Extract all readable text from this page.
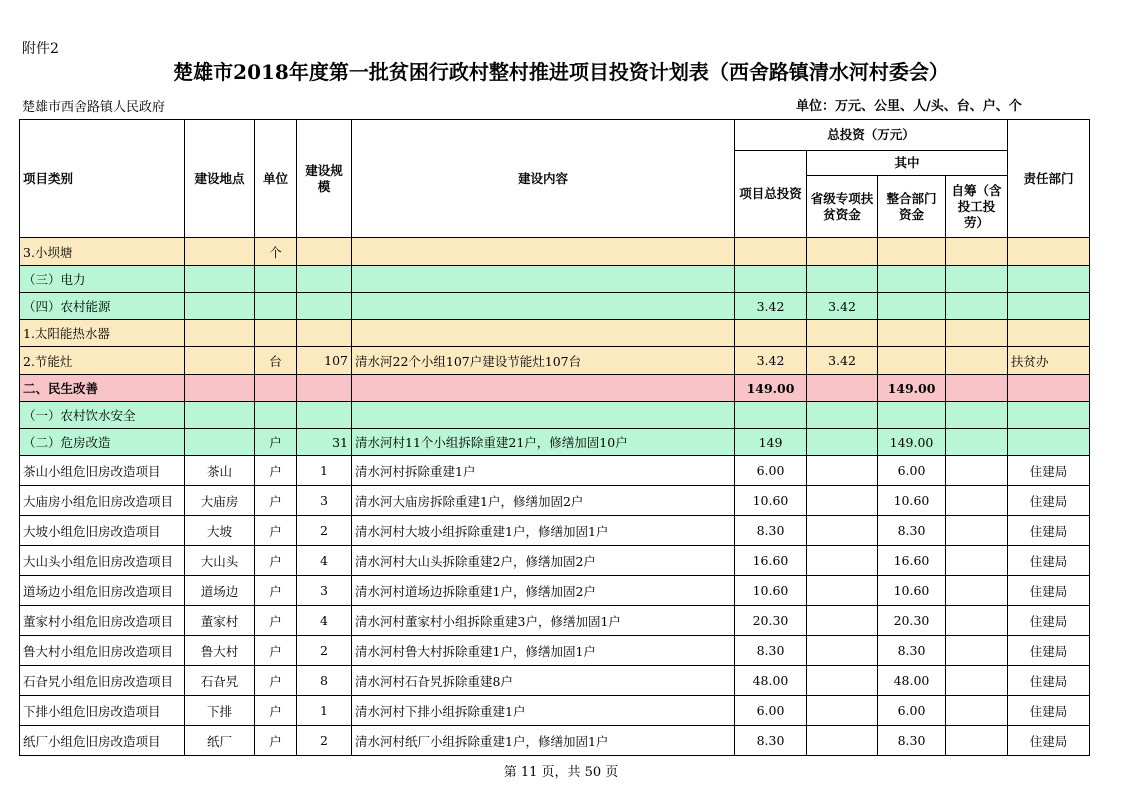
附件2
楚雄市2018年度第一批贫困行政村整村推进项目投资计划表（西舍路镇清水河村委会）
楚雄市西舍路镇人民政府	单位：万元、公里、人/头、台、户、个
项目类别	建设地点	单位	建设规模	建设内容	总投资（万元）				责任部门
					项目总投资	其中			
						省级专项扶贫资金	整合部门资金	自筹（含投工投劳）	
3.小坝塘		个							
（三）电力									
（四）农村能源					3.42	3.42			
1.太阳能热水器									
2.节能灶		台	107	清水河22个小组107户建设节能灶107台	3.42	3.42			扶贫办
二、民生改善					149.00		149.00		
（一）农村饮水安全									
（二）危房改造		户	31	清水河村11个小组拆除重建21户，修缮加固10户	149		149.00		
茶山小组危旧房改造项目	茶山	户	1	清水河村拆除重建1户	6.00		6.00		住建局
大庙房小组危旧房改造项目	大庙房	户	3	清水河大庙房拆除重建1户，修缮加固2户	10.60		10.60		住建局
大坡小组危旧房改造项目	大坡	户	2	清水河村大坡小组拆除重建1户，修缮加固1户	8.30		8.30		住建局
大山头小组危旧房改造项目	大山头	户	4	清水河村大山头拆除重建2户，修缮加固2户	16.60		16.60		住建局
道场边小组危旧房改造项目	道场边	户	3	清水河村道场边拆除重建1户，修缮加固2户	10.60		10.60		住建局
董家村小组危旧房改造项目	董家村	户	4	清水河村董家村小组拆除重建3户，修缮加固1户	20.30		20.30		住建局
鲁大村小组危旧房改造项目	鲁大村	户	2	清水河村鲁大村拆除重建1户，修缮加固1户	8.30		8.30		住建局
石旮旯小组危旧房改造项目	石旮旯	户	8	清水河村石旮旯拆除重建8户	48.00		48.00		住建局
下排小组危旧房改造项目	下排	户	1	清水河村下排小组拆除重建1户	6.00		6.00		住建局
纸厂小组危旧房改造项目	纸厂	户	2	清水河村纸厂小组拆除重建1户，修缮加固1户	8.30		8.30		住建局
第 11 页，共 50 页
